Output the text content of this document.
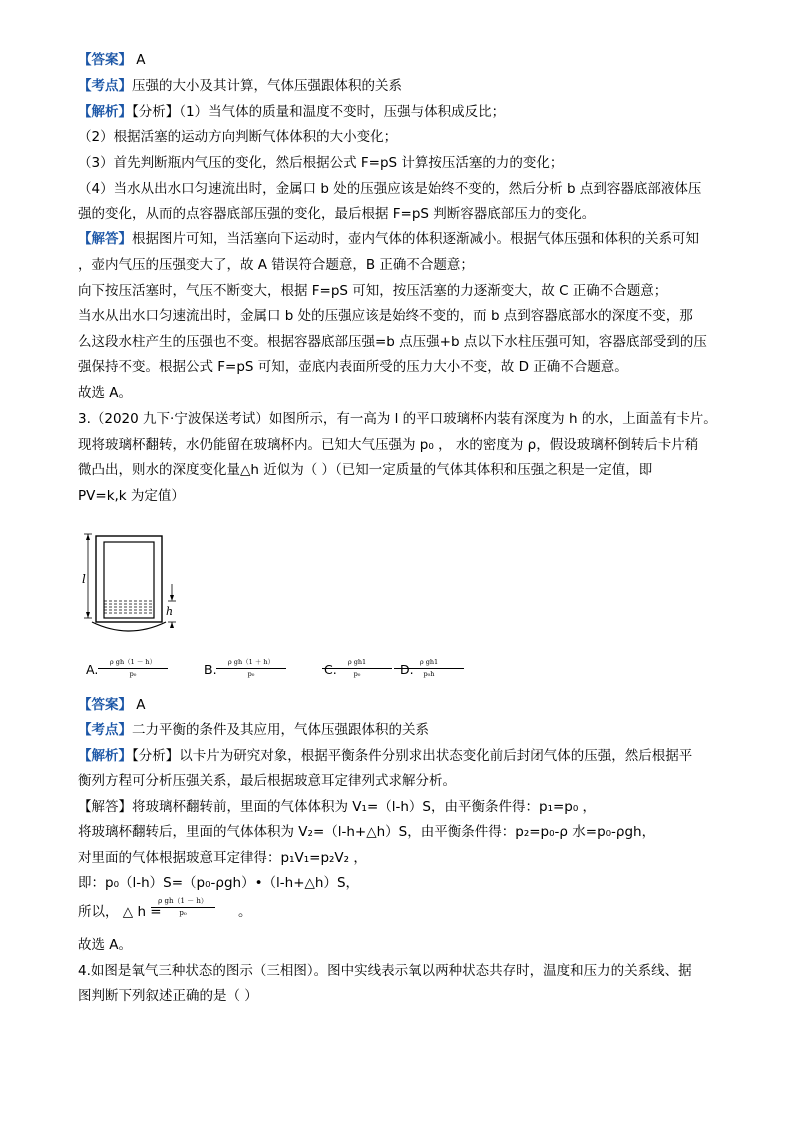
【答案】 A
【考点】压强的大小及其计算，气体压强跟体积的关系
【解析】【分析】（1）当气体的质量和温度不变时，压强与体积成反比；
（2）根据活塞的运动方向判断气体体积的大小变化；
（3）首先判断瓶内气压的变化，然后根据公式 F=pS 计算按压活塞的力的变化；
（4）当水从出水口匀速流出时，金属口 b 处的压强应该是始终不变的，然后分析 b 点到容器底部液体压
强的变化，从而的点容器底部压强的变化，最后根据 F=pS 判断容器底部压力的变化。
【解答】根据图片可知，当活塞向下运动时，壶内气体的体积逐渐减小。根据气体压强和体积的关系可知
，壶内气压的压强变大了，故 A 错误符合题意，B 正确不合题意；
向下按压活塞时，气压不断变大，根据 F=pS 可知，按压活塞的力逐渐变大，故 C 正确不合题意；
当水从出水口匀速流出时，金属口 b 处的压强应该是始终不变的，而 b 点到容器底部水的深度不变，那
么这段水柱产生的压强也不变。根据容器底部压强=b 点压强+b 点以下水柱压强可知，容器底部受到的压
强保持不变。根据公式 F=pS 可知，壶底内表面所受的压力大小不变，故 D 正确不合题意。
故选 A。
3.（2020 九下·宁波保送考试）如图所示，有一高为 l 的平口玻璃杯内装有深度为 h 的水，上面盖有卡片。
现将玻璃杯翻转，水仍能留在玻璃杯内。已知大气压强为 p₀ ， 水的密度为 ρ，假设玻璃杯倒转后卡片稍
微凸出，则水的深度变化量△h 近似为（ ）（已知一定质量的气体其体积和压强之积是一定值，即
PV=k,k 为定值）
l
h
A. $\frac{\text{ρ gh（1 － h）}}{\text{p₀}}$	B. $\frac{\text{ρ gh（1 ＋ h）}}{\text{p₀}}$	C.
$\frac{\text{ρ gh1}}{\text{p₀}} D$.
$\frac{\text{ρ gh1}}{\text{p₀h}}$
【答案】 A
【考点】二力平衡的条件及其应用，气体压强跟体积的关系
【解析】【分析】以卡片为研究对象，根据平衡条件分别求出状态变化前后封闭气体的压强，然后根据平
衡列方程可分析压强关系，最后根据玻意耳定律列式求解分析。
【解答】将玻璃杯翻转前，里面的气体体积为 V₁=（l-h）S，由平衡条件得：p₁=p₀ ，
将玻璃杯翻转后，里面的气体体积为 V₂=（l-h+△h）S，由平衡条件得：p₂=p₀-ρ 水=p₀-ρgh，
对里面的气体根据玻意耳定律得：p₁V₁=p₂V₂ ，
即：p₀（l-h）S=（p₀-ρgh）•（l-h+△h）S，
所以， △ h =
$\frac{\text{ρ gh（1 － h）}}{\text{p₀}}$ 。
故选 A。
4.如图是氧气三种状态的图示（三相图）。图中实线表示氧以两种状态共存时，温度和压力的关系线、据
图判断下列叙述正确的是（ ）
